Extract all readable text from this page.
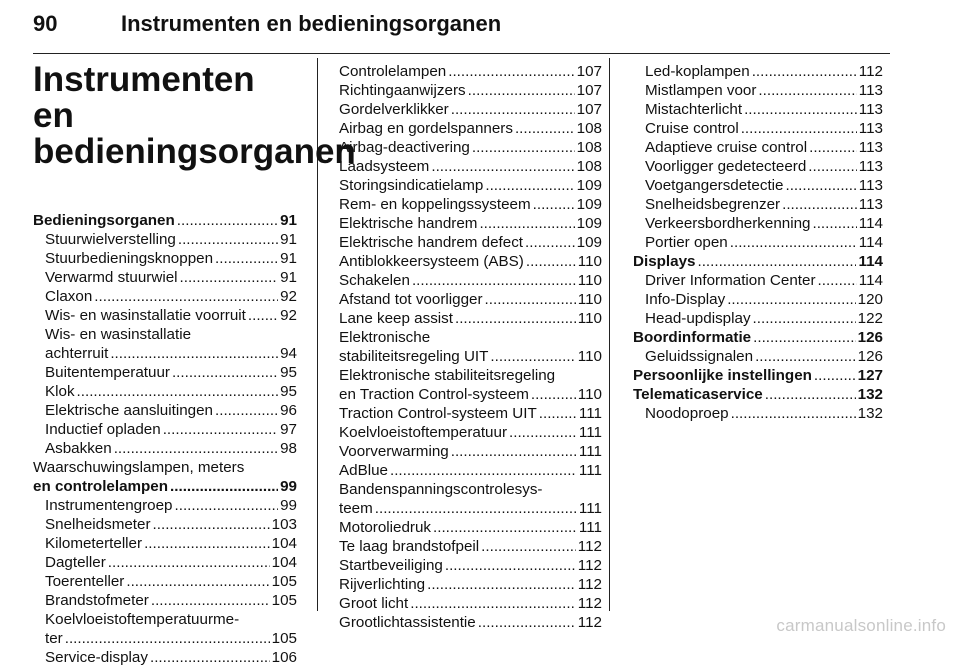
90	Instrumenten en bedieningsorganen
Instrumenten en
bedieningsorganen
Bedieningsorganen .....	91
Stuurwielverstelling .....	91
Stuurbedieningsknoppen .....	91
Verwarmd stuurwiel .....	91
Claxon .....	92
Wis- en wasinstallatie voorruit ..... 92
Wis- en wasinstallatie
achterruit .....	94
Buitentemperatuur .....	95
Klok .....	95
Elektrische aansluitingen .....	96
Inductief opladen .....	97
Asbakken .....	98
Waarschuwingslampen, meters
en controlelampen .....	99
Instrumentengroep .....	99
Snelheidsmeter .....	103
Kilometerteller .....	104
Dagteller .....	104
Toerenteller .....	105
Brandstofmeter .....	105
Koelvloeistoftemperatuurme-
ter .....	105
Service-display .....	106
Controlelampen .....	107
Richtingaanwijzers .....	107
Gordelverklikker .....	107
Airbag en gordelspanners .....	108
Airbag-deactivering .....	108
Laadsysteem .....	108
Storingsindicatielamp .....	109
Rem- en koppelingssysteem .....	109
Elektrische handrem .....	109
Elektrische handrem defect .....	109
Antiblokkeersysteem (ABS) .....	110
Schakelen .....	110
Afstand tot voorligger .....	110
Lane keep assist .....	110
Elektronische
stabiliteitsregeling UIT .....	110
Elektronische stabiliteitsregeling
en Traction Control-systeem .....	110
Traction Control-systeem UIT .....	111
Koelvloeistoftemperatuur .....	111
Voorverwarming .....	111
AdBlue .....	111
Bandenspanningscontrolesys-
teem .....	111
Motoroliedruk .....	111
Te laag brandstofpeil .....	112
Startbeveiliging .....	112
Rijverlichting .....	112
Groot licht .....	112
Grootlichtassistentie .....	112
Led-koplampen .....	112
Mistlampen voor .....	113
Mistachterlicht .....	113
Cruise control .....	113
Adaptieve cruise control .....	113
Voorligger gedetecteerd .....	113
Voetgangersdetectie .....	113
Snelheidsbegrenzer .....	113
Verkeersbordherkenning .....	114
Portier open .....	114
Displays .....	114
Driver Information Center .....	114
Info-Display .....	120
Head-updisplay .....	122
Boordinformatie .....	126
Geluidssignalen .....	126
Persoonlijke instellingen .....	127
Telematicaservice .....	132
Noodoproep .....	132
carmanualsonline.info
